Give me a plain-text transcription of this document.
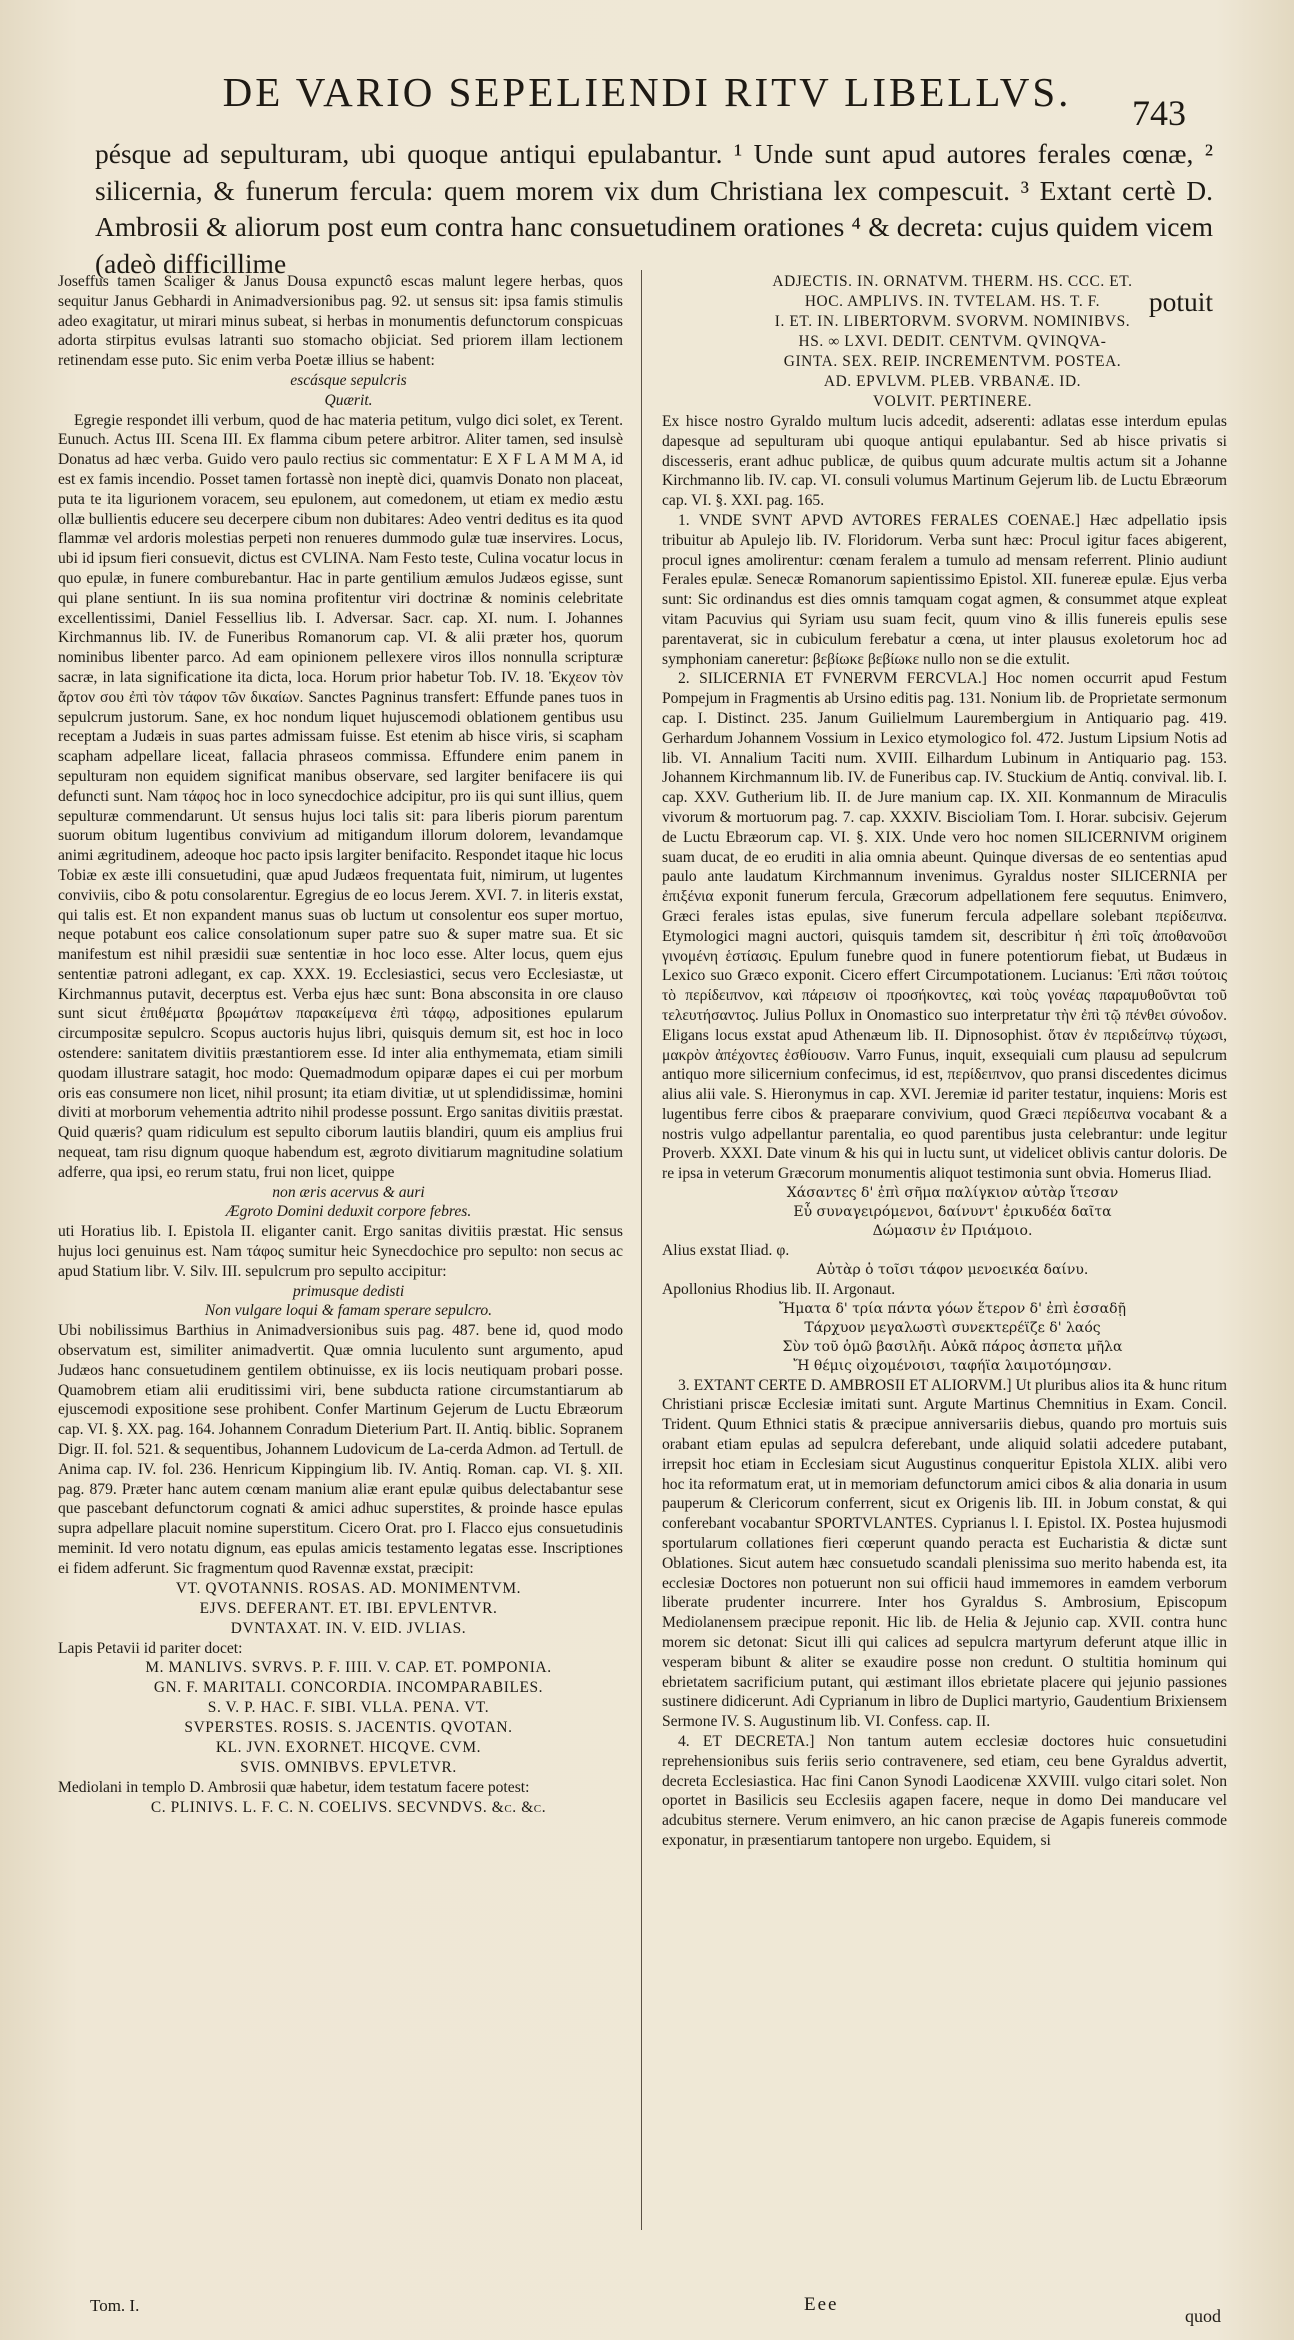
DE VARIO SEPELIENDI RITV LIBELLVS.	743

pésque ad sepulturam, ubi quoque antiqui epulabantur. ¹ Unde sunt apud autores ferales cœnæ, ² silicernia, & funerum fercula: quem morem vix dum Christiana lex compescuit. ³ Extant certè D. Ambrosii & aliorum post eum contra hanc consuetudinem orationes ⁴ & decreta: cujus quidem vicem (adeò difficillime

potuit

Joseffus tamen Scaliger & Janus Dousa expunctô escas malunt legere herbas, quos sequitur Janus Gebhardi in Animadversionibus pag. 92. ut sensus sit: ipsa famis stimulis adeo exagitatur, ut mirari minus subeat, si herbas in monumentis defunctorum conspicuas adorta stirpitus evulsas latranti suo stomacho objiciat. Sed priorem illam lectionem retinendam esse puto. Sic enim verba Poetæ illius se habent:

escásque sepulcris

Quærit.

Egregie respondet illi verbum, quod de hac materia petitum, vulgo dici solet, ex Terent. Eunuch. Actus III. Scena III. Ex flamma cibum petere arbitror. Aliter tamen, sed insulsè Donatus ad hæc verba. Guido vero paulo rectius sic commentatur: E X F L A M M A, id est ex famis incendio. Posset tamen fortassè non ineptè dici, quamvis Donato non placeat, puta te ita ligurionem voracem, seu epulonem, aut comedonem, ut etiam ex medio æstu ollæ bullientis educere seu decerpere cibum non dubitares: Adeo ventri deditus es ita quod flammæ vel ardoris molestias perpeti non renueres dummodo gulæ tuæ inservires. Locus, ubi id ipsum fieri consuevit, dictus est CVLINA. Nam Festo teste, Culina vocatur locus in quo epulæ, in funere comburebantur. Hac in parte gentilium æmulos Judæos egisse, sunt qui plane sentiunt. In iis sua nomina profitentur viri doctrinæ & nominis celebritate excellentissimi, Daniel Fessellius lib. I. Adversar. Sacr. cap. XI. num. I. Johannes Kirchmannus lib. IV. de Funeribus Romanorum cap. VI. & alii præter hos, quorum nominibus libenter parco. Ad eam opinionem pellexere viros illos nonnulla scripturæ sacræ, in lata significatione ita dicta, loca. Horum prior habetur Tob. IV. 18. Ἐκχεον τὸν ἄρτον σου ἐπὶ τὸν τάφον τῶν δικαίων. Sanctes Pagninus transfert: Effunde panes tuos in sepulcrum justorum. Sane, ex hoc nondum liquet hujuscemodi oblationem gentibus usu receptam a Judæis in suas partes admissam fuisse. Est etenim ab hisce viris, si scapham scapham adpellare liceat, fallacia phraseos commissa. Effundere enim panem in sepulturam non equidem significat manibus observare, sed largiter benifacere iis qui defuncti sunt. Nam τάφος hoc in loco synecdochice adcipitur, pro iis qui sunt illius, quem sepulturæ commendarunt. Ut sensus hujus loci talis sit: para liberis piorum parentum suorum obitum lugentibus convivium ad mitigandum illorum dolorem, levandamque animi ægritudinem, adeoque hoc pacto ipsis largiter benifacito. Respondet itaque hic locus Tobiæ ex æste illi consuetudini, quæ apud Judæos frequentata fuit, nimirum, ut lugentes conviviis, cibo & potu consolarentur. Egregius de eo locus Jerem. XVI. 7. in literis exstat, qui talis est. Et non expandent manus suas ob luctum ut consolentur eos super mortuo, neque potabunt eos calice consolationum super patre suo & super matre sua. Et sic manifestum est nihil præsidii suæ sententiæ in hoc loco esse. Alter locus, quem ejus sententiæ patroni adlegant, ex cap. XXX. 19. Ecclesiastici, secus vero Ecclesiastæ, ut Kirchmannus putavit, decerptus est. Verba ejus hæc sunt: Bona absconsita in ore clauso sunt sicut ἐπιθέματα βρωμάτων παρακείμενα ἐπὶ τάφῳ, adpositiones epularum circumpositæ sepulcro. Scopus auctoris hujus libri, quisquis demum sit, est hoc in loco ostendere: sanitatem divitiis præstantiorem esse. Id inter alia enthymemata, etiam simili quodam illustrare satagit, hoc modo: Quemadmodum opiparæ dapes ei cui per morbum oris eas consumere non licet, nihil prosunt; ita etiam divitiæ, ut ut splendidissimæ, homini diviti at morborum vehementia adtrito nihil prodesse possunt. Ergo sanitas divitiis præstat. Quid quæris? quam ridiculum est sepulto ciborum lautiis blandiri, quum eis amplius frui nequeat, tam risu dignum quoque habendum est, ægroto divitiarum magnitudine solatium adferre, qua ipsi, eo rerum statu, frui non licet, quippe

non æris acervus & auri

Ægroto Domini deduxit corpore febres.

uti Horatius lib. I. Epistola II. eliganter canit. Ergo sanitas divitiis præstat. Hic sensus hujus loci genuinus est. Nam τάφος sumitur heic Synecdochice pro sepulto: non secus ac apud Statium libr. V. Silv. III. sepulcrum pro sepulto accipitur:

primusque dedisti

Non vulgare loqui & famam sperare sepulcro.

Ubi nobilissimus Barthius in Animadversionibus suis pag. 487. bene id, quod modo observatum est, similiter animadvertit. Quæ omnia luculento sunt argumento, apud Judæos hanc consuetudinem gentilem obtinuisse, ex iis locis neutiquam probari posse. Quamobrem etiam alii eruditissimi viri, bene subducta ratione circumstantiarum ab ejuscemodi expositione sese prohibent. Confer Martinum Gejerum de Luctu Ebræorum cap. VI. §. XX. pag. 164. Johannem Conradum Dieterium Part. II. Antiq. biblic. Sopranem Digr. II. fol. 521. & sequentibus, Johannem Ludovicum de La-cerda Admon. ad Tertull. de Anima cap. IV. fol. 236. Henricum Kippingium lib. IV. Antiq. Roman. cap. VI. §. XII. pag. 879. Præter hanc autem cœnam manium aliæ erant epulæ quibus delectabantur sese que pascebant defunctorum cognati & amici adhuc superstites, & proinde hasce epulas supra adpellare placuit nomine superstitum. Cicero Orat. pro I. Flacco ejus consuetudinis meminit. Id vero notatu dignum, eas epulas amicis testamento legatas esse. Inscriptiones ei fidem adferunt. Sic fragmentum quod Ravennæ exstat, præcipit:

VT. QVOTANNIS. ROSAS. AD. MONIMENTVM.

EJVS. DEFERANT. ET. IBI. EPVLENTVR.

DVNTAXAT. IN. V. EID. JVLIAS.

Lapis Petavii id pariter docet:

M. MANLIVS. SVRVS. P. F. IIII. V. CAP. ET. POMPONIA.

GN. F. MARITALI. CONCORDIA. INCOMPARABILES.

S. V. P. HAC. F. SIBI. VLLA. PENA. VT.

SVPERSTES. ROSIS. S. JACENTIS. QVOTAN.

KL. JVN. EXORNET. HICQVE. CVM.

SVIS. OMNIBVS. EPVLETVR.

Mediolani in templo D. Ambrosii quæ habetur, idem testatum facere potest:

C. PLINIVS. L. F. C. N. COELIVS. SECVNDVS. &c. &c.

ADJECTIS. IN. ORNATVM. THERM. HS. CCC. ET.

HOC. AMPLIVS. IN. TVTELAM. HS. T. F.

I. ET. IN. LIBERTORVM. SVORVM. NOMINIBVS.

HS. ∞ LXVI. DEDIT. CENTVM. QVINQVA-

GINTA. SEX. REIP. INCREMENTVM. POSTEA.

AD. EPVLVM. PLEB. VRBANÆ. ID.

VOLVIT. PERTINERE.

Ex hisce nostro Gyraldo multum lucis adcedit, adserenti: adlatas esse interdum epulas dapesque ad sepulturam ubi quoque antiqui epulabantur. Sed ab hisce privatis si discesseris, erant adhuc publicæ, de quibus quum adcurate multis actum sit a Johanne Kirchmanno lib. IV. cap. VI. consuli volumus Martinum Gejerum lib. de Luctu Ebræorum cap. VI. §. XXI. pag. 165.

1. VNDE SVNT APVD AVTORES FERALES COENAE.] Hæc adpellatio ipsis tribuitur ab Apulejo lib. IV. Floridorum. Verba sunt hæc: Procul igitur faces abigerent, procul ignes amolirentur: cœnam feralem a tumulo ad mensam referrent. Plinio audiunt Ferales epulæ. Senecæ Romanorum sapientissimo Epistol. XII. funereæ epulæ. Ejus verba sunt: Sic ordinandus est dies omnis tamquam cogat agmen, & consummet atque expleat vitam Pacuvius qui Syriam usu suam fecit, quum vino & illis funereis epulis sese parentaverat, sic in cubiculum ferebatur a cœna, ut inter plausus exoletorum hoc ad symphoniam caneretur: βεβίωκε βεβίωκε nullo non se die extulit.

2. SILICERNIA ET FVNERVM FERCVLA.] Hoc nomen occurrit apud Festum Pompejum in Fragmentis ab Ursino editis pag. 131. Nonium lib. de Proprietate sermonum cap. I. Distinct. 235. Janum Guilielmum Laurembergium in Antiquario pag. 419. Gerhardum Johannem Vossium in Lexico etymologico fol. 472. Justum Lipsium Notis ad lib. VI. Annalium Taciti num. XVIII. Eilhardum Lubinum in Antiquario pag. 153. Johannem Kirchmannum lib. IV. de Funeribus cap. IV. Stuckium de Antiq. convival. lib. I. cap. XXV. Gutherium lib. II. de Jure manium cap. IX. XII. Konmannum de Miraculis vivorum & mortuorum pag. 7. cap. XXXIV. Biscioliam Tom. I. Horar. subcisiv. Gejerum de Luctu Ebræorum cap. VI. §. XIX. Unde vero hoc nomen SILICERNIVM originem suam ducat, de eo eruditi in alia omnia abeunt. Quinque diversas de eo sententias apud paulo ante laudatum Kirchmannum invenimus. Gyraldus noster SILICERNIA per ἐπιξένια exponit funerum fercula, Græcorum adpellationem fere sequutus. Enimvero, Græci ferales istas epulas, sive funerum fercula adpellare solebant περίδειπνα. Etymologici magni auctori, quisquis tamdem sit, describitur ἡ ἐπὶ τοῖς ἀποθανοῦσι γινομένη ἑστίασις. Epulum funebre quod in funere potentiorum fiebat, ut Budæus in Lexico suo Græco exponit. Cicero effert Circumpotationem. Lucianus: Ἐπὶ πᾶσι τούτοις τὸ περίδειπνον, καὶ πάρεισιν οἱ προσήκοντες, καὶ τοὺς γονέας παραμυθοῦνται τοῦ τελευτήσαντος. Julius Pollux in Onomastico suo interpretatur τὴν ἐπὶ τῷ πένθει σύνοδον. Eligans locus exstat apud Athenæum lib. II. Dipnosophist. ὅταν ἐν περιδείπνῳ τύχωσι, μακρὸν ἀπέχοντες ἐσθίουσιν. Varro Funus, inquit, exsequiali cum plausu ad sepulcrum antiquo more silicernium confecimus, id est, περίδειπνον, quo pransi discedentes dicimus alius alii vale. S. Hieronymus in cap. XVI. Jeremiæ id pariter testatur, inquiens: Moris est lugentibus ferre cibos & praeparare convivium, quod Græci περίδειπνα vocabant & a nostris vulgo adpellantur parentalia, eo quod parentibus justa celebrantur: unde legitur Proverb. XXXI. Date vinum & his qui in luctu sunt, ut videlicet oblivis cantur doloris. De re ipsa in veterum Græcorum monumentis aliquot testimonia sunt obvia. Homerus Iliad.

Χάσαντες δ' ἐπὶ σῆμα παλίγκιον αὐτὰρ ἴτεσαν

Εὖ συναγειρόμενοι, δαίνυντ' ἐρικυδέα δαῖτα

Δώμασιν ἐν Πριάμοιο.

Alius exstat Iliad. φ.

Αὐτὰρ ὁ τοῖσι τάφον μενοεικέα δαίνυ.

Apollonius Rhodius lib. II. Argonaut.

Ἤματα δ' τρία πάντα γόων ἕτερον δ' ἐπὶ ἐσσαδῇ

Τάρχυον μεγαλωστὶ συνεκτερέϊζε δ' λαός

Σὺν τοῦ ὁμῶ βασιλῆι. Αὐκᾶ πάρος ἀσπετα μῆλα

Ἤ θέμις οἰχομένοισι, ταφήϊα λαιμοτόμησαν.

3. EXTANT CERTE D. AMBROSII ET ALIORVM.] Ut pluribus alios ita & hunc ritum Christiani priscæ Ecclesiæ imitati sunt. Argute Martinus Chemnitius in Exam. Concil. Trident. Quum Ethnici statis & præcipue anniversariis diebus, quando pro mortuis suis orabant etiam epulas ad sepulcra deferebant, unde aliquid solatii adcedere putabant, irrepsit hoc etiam in Ecclesiam sicut Augustinus conqueritur Epistola XLIX. alibi vero hoc ita reformatum erat, ut in memoriam defunctorum amici cibos & alia donaria in usum pauperum & Clericorum conferrent, sicut ex Origenis lib. III. in Jobum constat, & qui conferebant vocabantur SPORTVLANTES. Cyprianus l. I. Epistol. IX. Postea hujusmodi sportularum collationes fieri cœperunt quando peracta est Eucharistia & dictæ sunt Oblationes. Sicut autem hæc consuetudo scandali plenissima suo merito habenda est, ita ecclesiæ Doctores non potuerunt non sui officii haud immemores in eamdem verborum liberate prudenter incurrere. Inter hos Gyraldus S. Ambrosium, Episcopum Mediolanensem præcipue reponit. Hic lib. de Helia & Jejunio cap. XVII. contra hunc morem sic detonat: Sicut illi qui calices ad sepulcra martyrum deferunt atque illic in vesperam bibunt & aliter se exaudire posse non credunt. O stultitia hominum qui ebrietatem sacrificium putant, qui æstimant illos ebrietate placere qui jejunio passiones sustinere didicerunt. Adi Cyprianum in libro de Duplici martyrio, Gaudentium Brixiensem Sermone IV. S. Augustinum lib. VI. Confess. cap. II.

4. ET DECRETA.] Non tantum autem ecclesiæ doctores huic consuetudini reprehensionibus suis feriis serio contravenere, sed etiam, ceu bene Gyraldus advertit, decreta Ecclesiastica. Hac fini Canon Synodi Laodicenæ XXVIII. vulgo citari solet. Non oportet in Basilicis seu Ecclesiis agapen facere, neque in domo Dei manducare vel adcubitus sternere. Verum enimvero, an hic canon præcise de Agapis funereis commode exponatur, in præsentiarum tantopere non urgebo. Equidem, si

Tom. I.	Eee
quod
